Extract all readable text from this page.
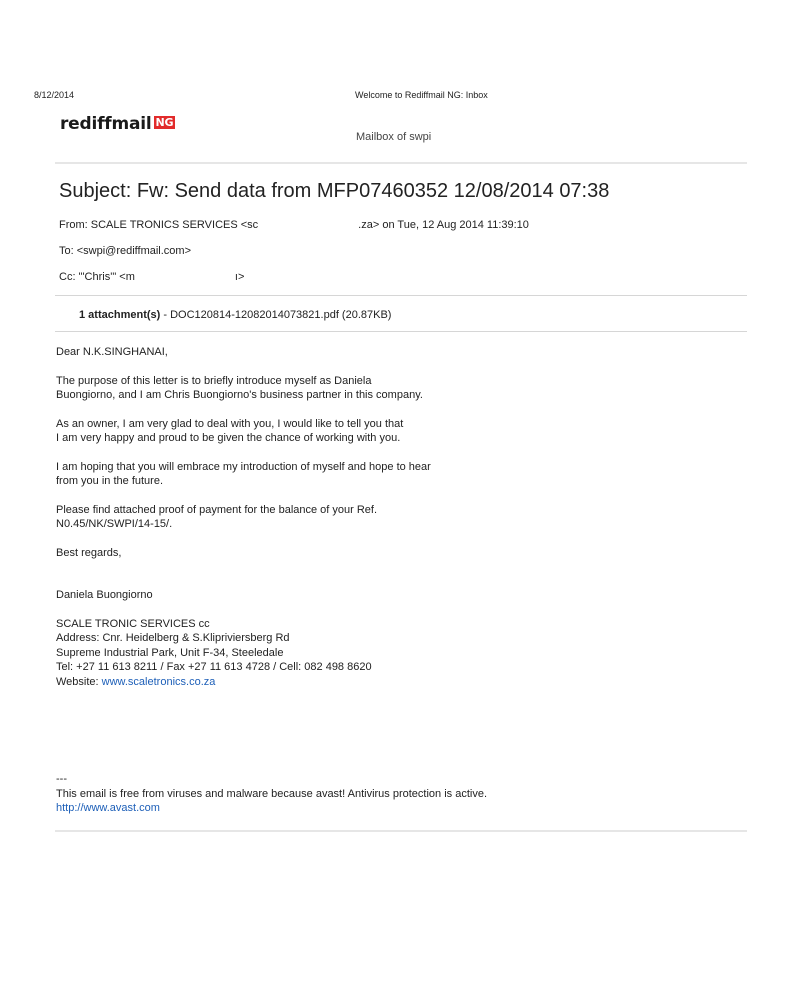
8/12/2014	Welcome to Rediffmail NG: Inbox
rediffmail NG
Mailbox of swpi
Subject: Fw: Send data from MFP07460352 12/08/2014 07:38
From: SCALE TRONICS SERVICES <sc	.za> on Tue, 12 Aug 2014 11:39:10
To: <swpi@rediffmail.com>
Cc: "'Chris'" <m	ı>
1 attachment(s) - DOC120814-12082014073821.pdf (20.87KB)
Dear N.K.SINGHANAI,
The purpose of this letter is to briefly introduce myself as Daniela
Buongiorno, and I am Chris Buongiorno's business partner in this company.
As an owner, I am very glad to deal with you, I would like to tell you that
I am very happy and proud to be given the chance of working with you.
I am hoping that you will embrace my introduction of myself and hope to hear
from you in the future.
Please find attached proof of payment for the balance of your Ref.
N0.45/NK/SWPI/14-15/.
Best regards,
Daniela Buongiorno
SCALE TRONIC SERVICES cc
Address: Cnr. Heidelberg & S.Klipriviersberg Rd
Supreme Industrial Park, Unit F-34, Steeledale
Tel: +27 11 613 8211 / Fax +27 11 613 4728 / Cell: 082 498 8620
Website: www.scaletronics.co.za
---
This email is free from viruses and malware because avast! Antivirus protection is active.
http://www.avast.com
